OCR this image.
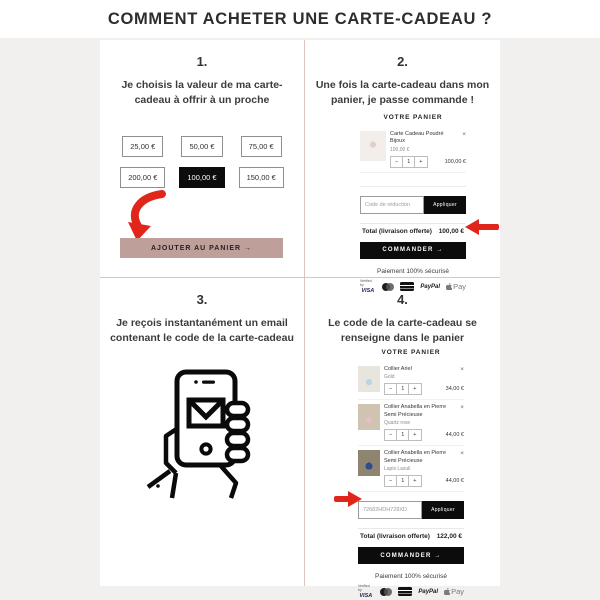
COMMENT ACHETER UNE CARTE-CADEAU ?
1.
Je choisis la valeur de ma carte-cadeau à offrir à un proche
25,00 €	50,00 €	75,00 €
200,00 €	100,00 €	150,00 €
AJOUTER AU PANIER →
2.
Une fois la carte-cadeau dans mon panier, je passe commande !
VOTRE PANIER
Carte Cadeau Poudré Bijoux
100,00 €
−	1	+	100,00 €
×
Code de réduction
Appliquer
Total (livraison offerte) 100,00 €
COMMANDER →
Paiement 100% sécurisé
Verified by
VISA
PayPal Pay
3.
Je reçois instantanément un email contenant le code de la carte-cadeau
4.
Le code de la carte-cadeau se renseigne dans le panier
VOTRE PANIER
Collier Ariel
Gold
−	1	+	34,00 €
×
Collier Anabella en Pierre Semi Précieuse
Quartz rose
−	1	+	44,00 €
×
Collier Anabella en Pierre Semi Précieuse
Lapis Lazuli
−	1	+	44,00 €
×
72682HDH728XD
Appliquer
Total (livraison offerte) 122,00 €
COMMANDER →
Paiement 100% sécurisé
Verified by
VISA
PayPal Pay
